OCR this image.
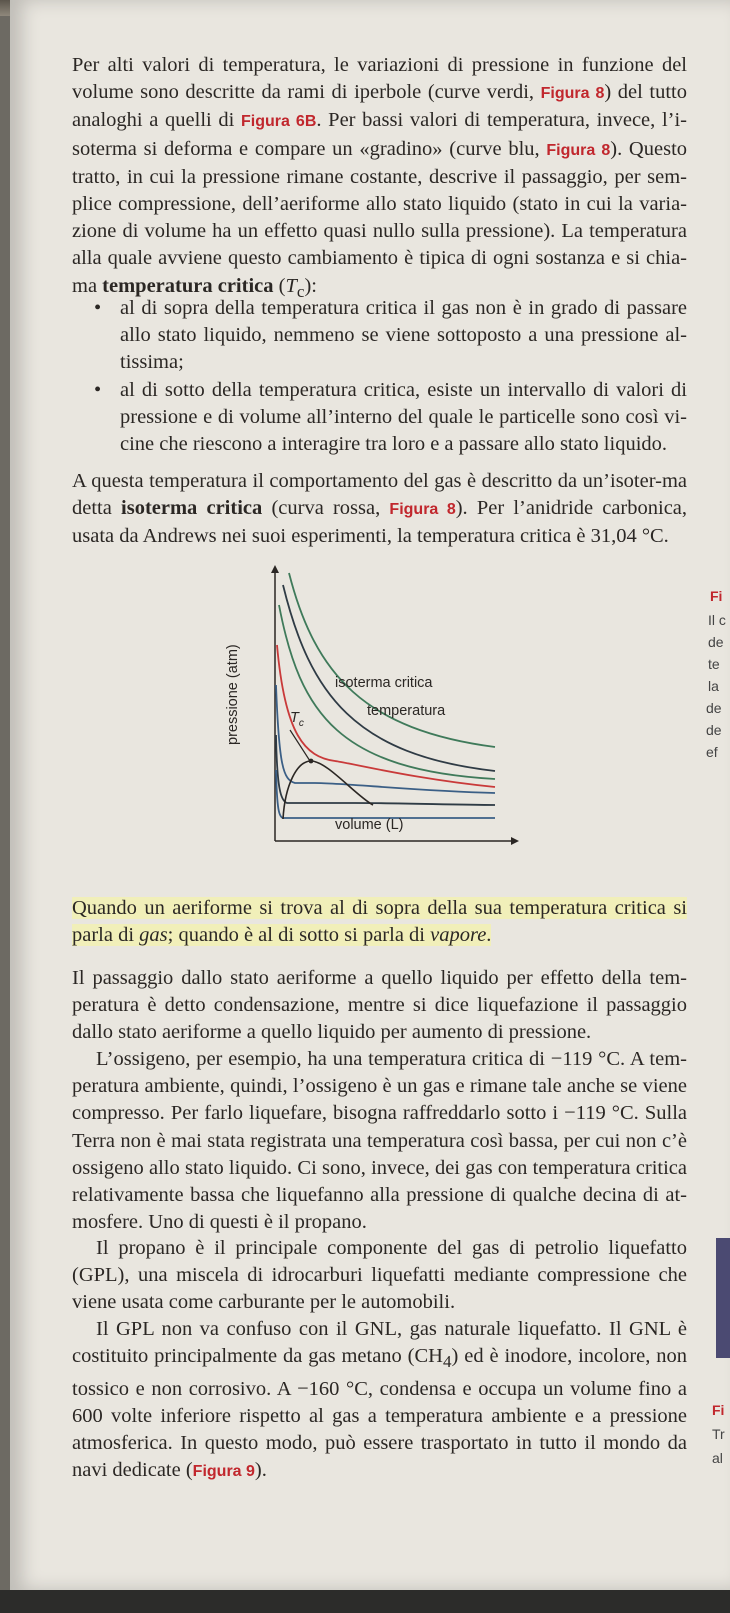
Per alti valori di temperatura, le variazioni di pressione in funzione del volume sono descritte da rami di iperbole (curve verdi, Figura 8) del tutto analoghi a quelli di Figura 6B. Per bassi valori di temperatura, invece, l’i- soterma si deforma e compare un «gradino» (curve blu, Figura 8). Questo tratto, in cui la pressione rimane costante, descrive il passaggio, per sem- plice compressione, dell’aeriforme allo stato liquido (stato in cui la varia- zione di volume ha un effetto quasi nullo sulla pressione). La temperatura alla quale avviene questo cambiamento è tipica di ogni sostanza e si chia- ma temperatura critica $(T_c)$:

• al di sopra della temperatura critica il gas non è in grado di passare allo stato liquido, nemmeno se viene sottoposto a una pressione al-tissima;
• al di sotto della temperatura critica, esiste un intervallo di valori di pressione e di volume all’interno del quale le particelle sono così vi-cine che riescono a interagire tra loro e a passare allo stato liquido.

A questa temperatura il comportamento del gas è descritto da un’isoter-ma detta isoterma critica (curva rossa, Figura 8). Per l’anidride carbonica, usata da Andrews nei suoi esperimenti, la temperatura critica è 31,04 °C.

pressione (atm)
volume (L)
isoterma critica
temperatura
$T_c$
Fi
Il c
de
te
la
de
de
ef

Quando un aeriforme si trova al di sopra della sua temperatura critica si parla di gas; quando è al di sotto si parla di vapore.

Il passaggio dallo stato aeriforme a quello liquido per effetto della tem-peratura è detto condensazione, mentre si dice liquefazione il passaggio dallo stato aeriforme a quello liquido per aumento di pressione.

L’ossigeno, per esempio, ha una temperatura critica di −119 °C. A tem-peratura ambiente, quindi, l’ossigeno è un gas e rimane tale anche se viene compresso. Per farlo liquefare, bisogna raffreddarlo sotto i −119 °C. Sulla Terra non è mai stata registrata una temperatura così bassa, per cui non c’è ossigeno allo stato liquido. Ci sono, invece, dei gas con temperatura critica relativamente bassa che liquefanno alla pressione di qualche decina di at-mosfere. Uno di questi è il propano.

Il propano è il principale componente del gas di petrolio liquefatto (GPL), una miscela di idrocarburi liquefatti mediante compressione che viene usata come carburante per le automobili.

Il GPL non va confuso con il GNL, gas naturale liquefatto. Il GNL è costituito principalmente da gas metano $(CH_4)$ ed è inodore, incolore, non tossico e non corrosivo. A −160 °C, condensa e occupa un volume fino a 600 volte inferiore rispetto al gas a temperatura ambiente e a pressione atmosferica. In questo modo, può essere trasportato in tutto il mondo da navi dedicate (Figura 9).

Fi
Tr
al
